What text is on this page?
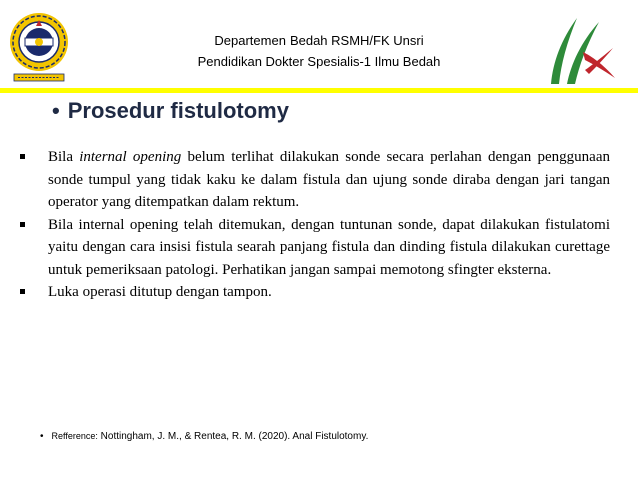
Departemen Bedah RSMH/FK Unsri
Pendidikan Dokter Spesialis-1 Ilmu Bedah
• Prosedur fistulotomy
Bila internal opening belum terlihat dilakukan sonde secara perlahan dengan penggunaan sonde tumpul yang tidak kaku ke dalam fistula dan ujung sonde diraba dengan jari tangan operator yang ditempatkan dalam rektum.
Bila internal opening telah ditemukan, dengan tuntunan sonde, dapat dilakukan fistulatomi yaitu dengan cara insisi fistula searah panjang fistula dan dinding fistula dilakukan curettage untuk pemeriksaan patologi. Perhatikan jangan sampai memotong sfingter eksterna.
Luka operasi ditutup dengan tampon.
• Refference: Nottingham, J. M., & Rentea, R. M. (2020). Anal Fistulotomy.
